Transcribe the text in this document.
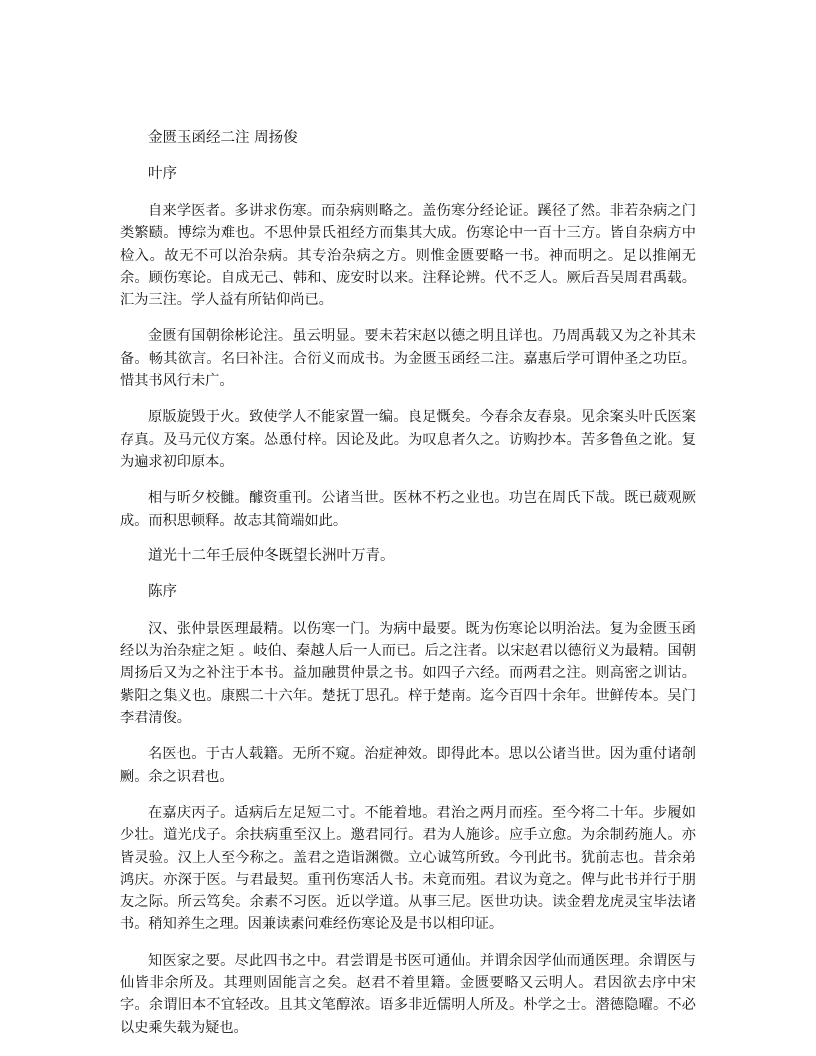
金匮玉函经二注 周扬俊
叶序

自来学医者。多讲求伤寒。而杂病则略之。盖伤寒分经论证。蹊径了然。非若杂病之门类繁赜。博综为难也。不思仲景氏祖经方而集其大成。伤寒论中一百十三方。皆自杂病方中检入。故无不可以治杂病。其专治杂病之方。则惟金匮要略一书。神而明之。足以推阐无余。顾伤寒论。自成无己、韩和、庞安时以来。注释论辨。代不乏人。厥后吾吴周君禹载。汇为三注。学人益有所钻仰尚已。

金匮有国朝徐彬论注。虽云明显。要未若宋赵以德之明且详也。乃周禹载又为之补其未备。畅其欲言。名曰补注。合衍义而成书。为金匮玉函经二注。嘉惠后学可谓仲圣之功臣。惜其书风行未广。

原版旋毁于火。致使学人不能家置一编。良足慨矣。今春余友春泉。见余案头叶氏医案存真。及马元仪方案。怂恿付梓。因论及此。为叹息者久之。访购抄本。苦多鲁鱼之讹。复为遍求初印原本。

相与昕夕校雠。醵资重刊。公诸当世。医林不朽之业也。功岂在周氏下哉。既已葳观厥成。而积思顿释。故志其简端如此。

道光十二年壬辰仲冬既望长洲叶万青。
陈序

汉、张仲景医理最精。以伤寒一门。为病中最要。既为伤寒论以明治法。复为金匮玉函经以为治杂症之矩 。岐伯、秦越人后一人而已。后之注者。以宋赵君以德衍义为最精。国朝周扬后又为之补注于本书。益加融贯仲景之书。如四子六经。而两君之注。则高密之训诂。紫阳之集义也。康熙二十六年。楚抚丁思孔。梓于楚南。迄今百四十余年。世鲜传本。吴门李君清俊。

名医也。于古人载籍。无所不窥。治症神效。即得此本。思以公诸当世。因为重付诸剞劂。余之识君也。

在嘉庆丙子。适病后左足短二寸。不能着地。君治之两月而痊。至今将二十年。步履如少壮。道光戊子。余扶病重至汉上。邀君同行。君为人施诊。应手立愈。为余制药施人。亦皆灵验。汉上人至今称之。盖君之造诣渊微。立心诚笃所致。今刊此书。犹前志也。昔余弟鸿庆。亦深于医。与君最契。重刊伤寒活人书。未竟而殂。君议为竟之。俾与此书并行于朋友之际。所云笃矣。余素不习医。近以学道。从事三尼。医世功诀。读金碧龙虎灵宝毕法诸书。稍知养生之理。因兼读素问难经伤寒论及是书以相印证。

知医家之要。尽此四书之中。君尝谓是书医可通仙。并谓余因学仙而通医理。余谓医与仙皆非余所及。其理则固能言之矣。赵君不着里籍。金匮要略又云明人。君因欲去序中宋字。余谓旧本不宜轻改。且其文笔醇浓。语多非近儒明人所及。朴学之士。潜德隐曜。不必以史乘失载为疑也。
